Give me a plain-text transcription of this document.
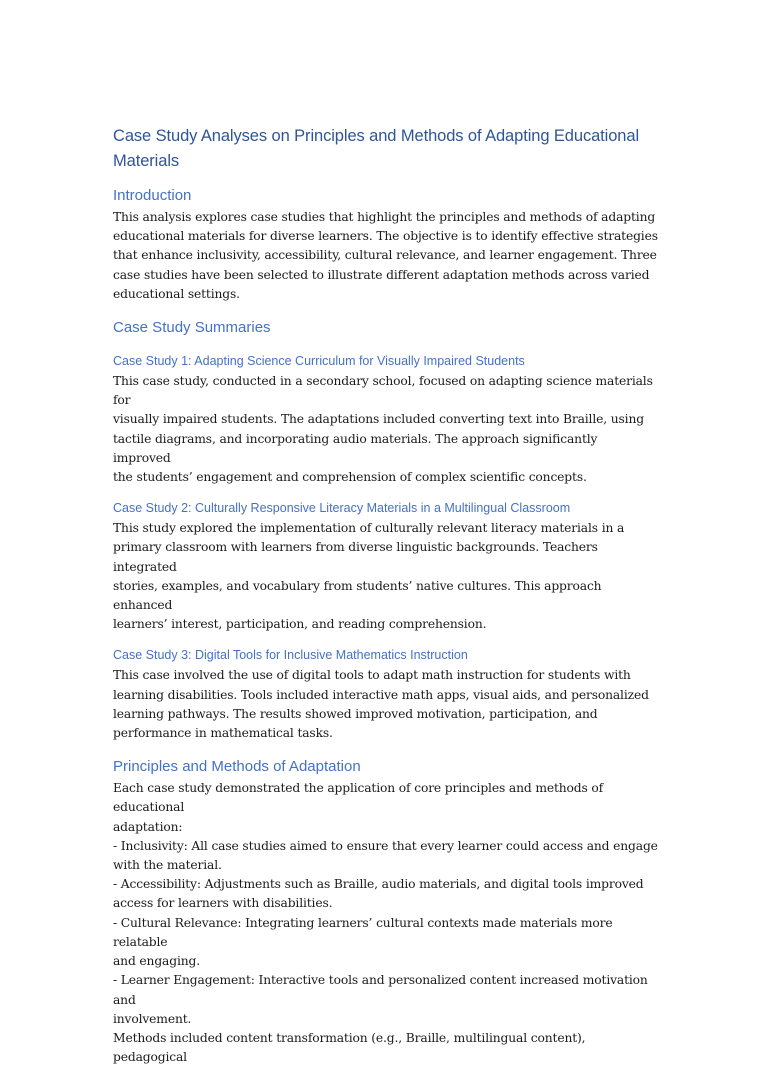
Case Study Analyses on Principles and Methods of Adapting Educational Materials
Introduction
This analysis explores case studies that highlight the principles and methods of adapting
educational materials for diverse learners. The objective is to identify effective strategies
that enhance inclusivity, accessibility, cultural relevance, and learner engagement. Three
case studies have been selected to illustrate different adaptation methods across varied
educational settings.
Case Study Summaries
Case Study 1: Adapting Science Curriculum for Visually Impaired Students
This case study, conducted in a secondary school, focused on adapting science materials for
visually impaired students. The adaptations included converting text into Braille, using
tactile diagrams, and incorporating audio materials. The approach significantly improved
the students’ engagement and comprehension of complex scientific concepts.
Case Study 2: Culturally Responsive Literacy Materials in a Multilingual Classroom
This study explored the implementation of culturally relevant literacy materials in a
primary classroom with learners from diverse linguistic backgrounds. Teachers integrated
stories, examples, and vocabulary from students’ native cultures. This approach enhanced
learners’ interest, participation, and reading comprehension.
Case Study 3: Digital Tools for Inclusive Mathematics Instruction
This case involved the use of digital tools to adapt math instruction for students with
learning disabilities. Tools included interactive math apps, visual aids, and personalized
learning pathways. The results showed improved motivation, participation, and
performance in mathematical tasks.
Principles and Methods of Adaptation
Each case study demonstrated the application of core principles and methods of educational
adaptation:
- Inclusivity: All case studies aimed to ensure that every learner could access and engage
with the material.
- Accessibility: Adjustments such as Braille, audio materials, and digital tools improved
access for learners with disabilities.
- Cultural Relevance: Integrating learners’ cultural contexts made materials more relatable
and engaging.
- Learner Engagement: Interactive tools and personalized content increased motivation and
involvement.
Methods included content transformation (e.g., Braille, multilingual content), pedagogical
